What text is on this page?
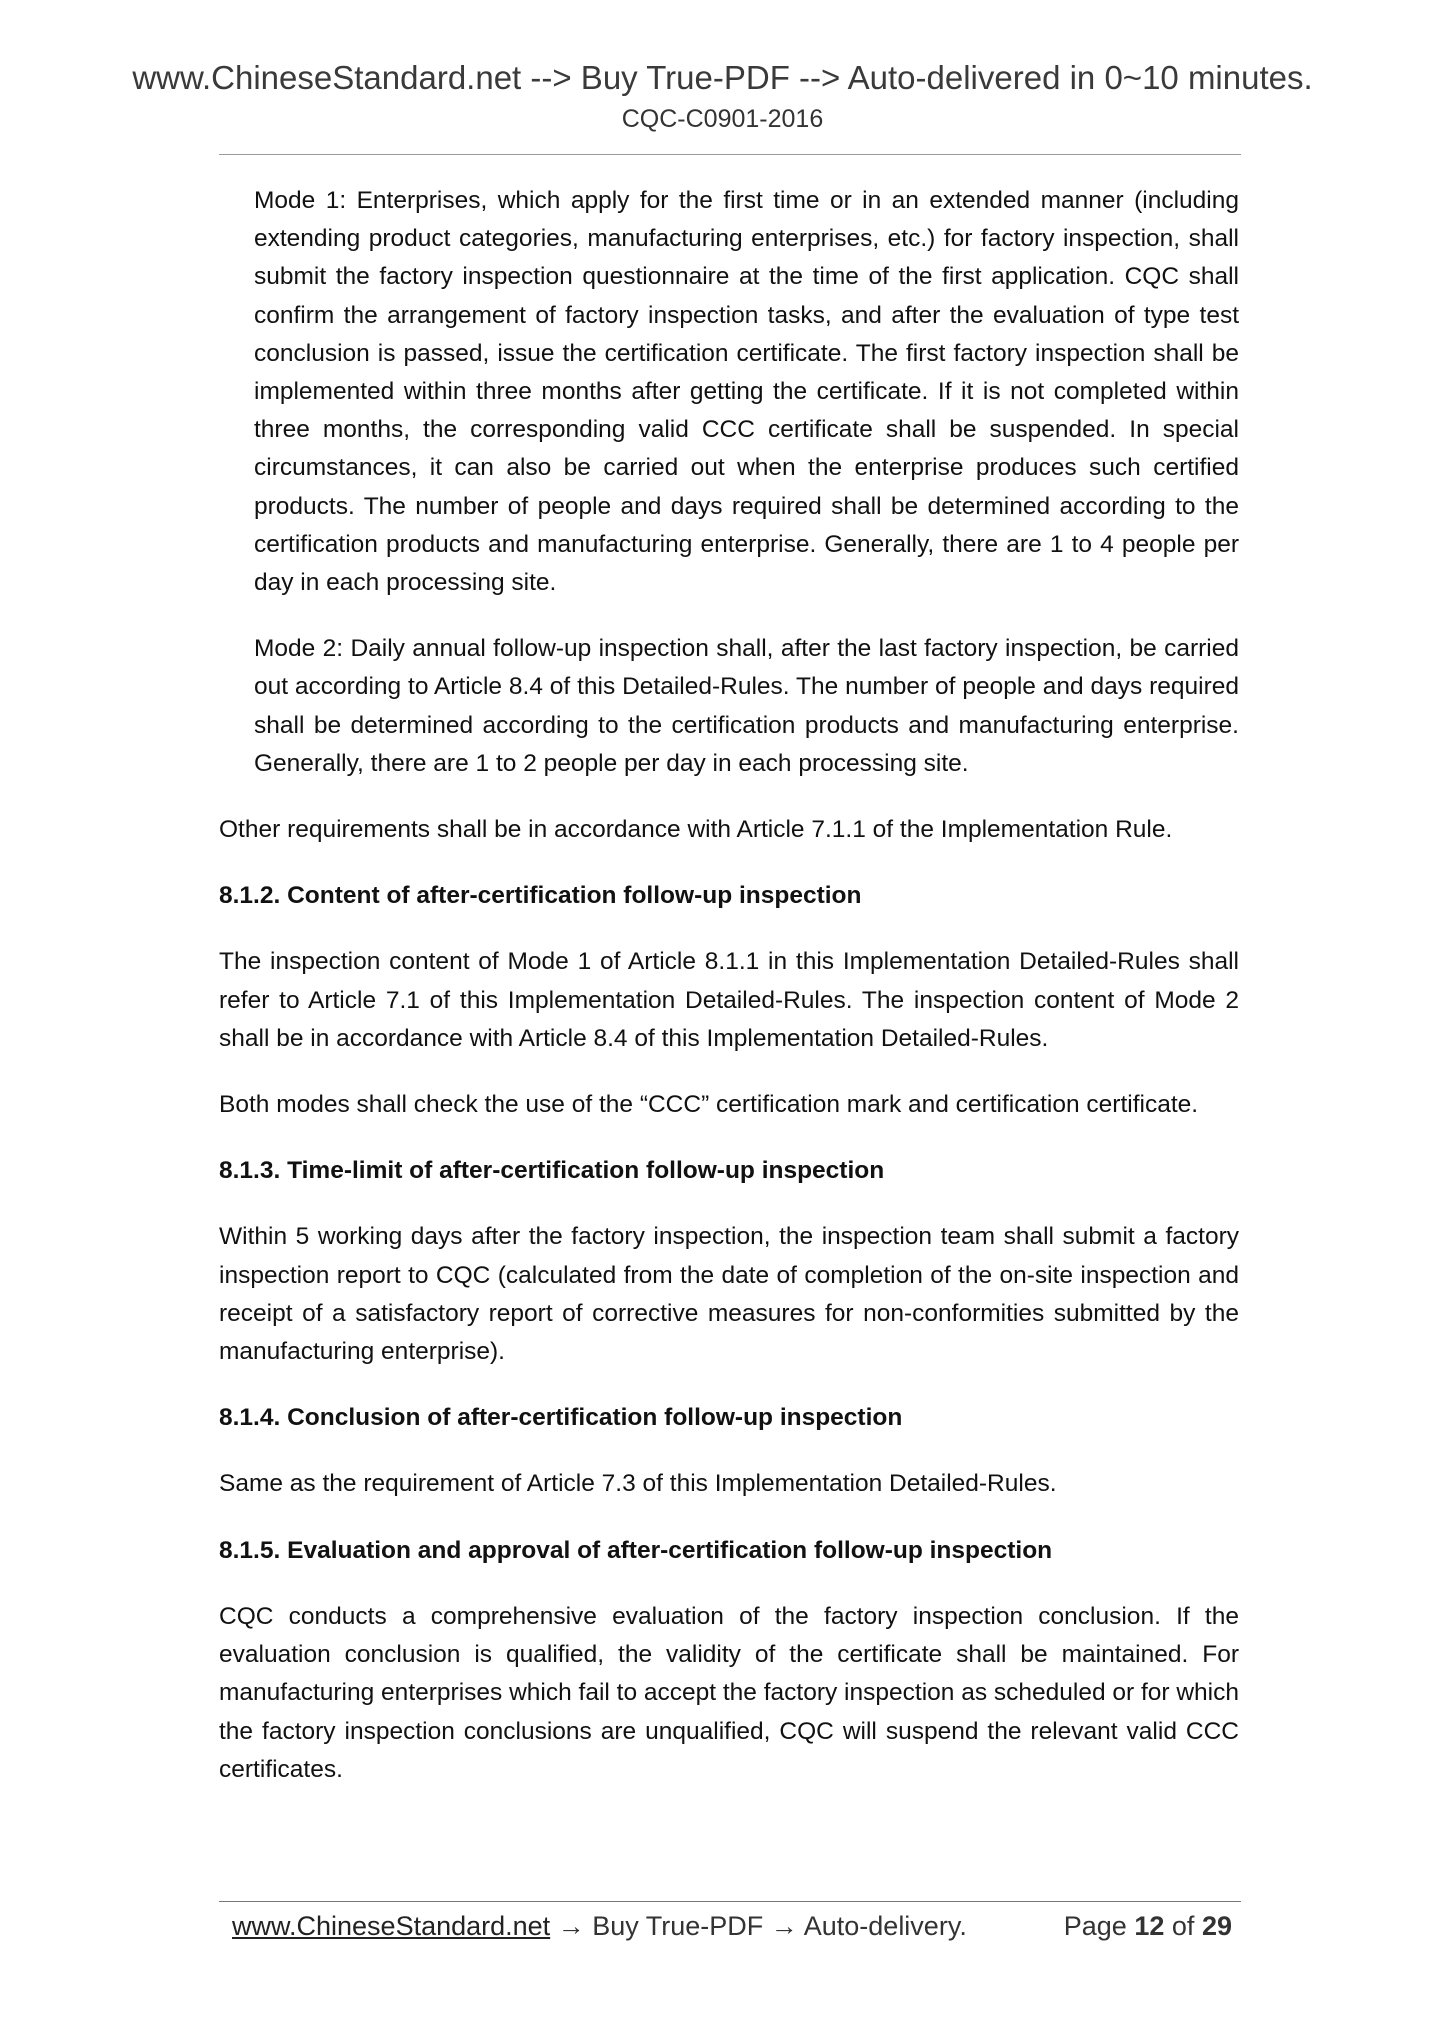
www.ChineseStandard.net --> Buy True-PDF --> Auto-delivered in 0~10 minutes.
CQC-C0901-2016

Mode 1: Enterprises, which apply for the first time or in an extended manner (including extending product categories, manufacturing enterprises, etc.) for factory inspection, shall submit the factory inspection questionnaire at the time of the first application. CQC shall confirm the arrangement of factory inspection tasks, and after the evaluation of type test conclusion is passed, issue the certification certificate. The first factory inspection shall be implemented within three months after getting the certificate. If it is not completed within three months, the corresponding valid CCC certificate shall be suspended. In special circumstances, it can also be carried out when the enterprise produces such certified products. The number of people and days required shall be determined according to the certification products and manufacturing enterprise. Generally, there are 1 to 4 people per day in each processing site.

Mode 2: Daily annual follow-up inspection shall, after the last factory inspection, be carried out according to Article 8.4 of this Detailed-Rules. The number of people and days required shall be determined according to the certification products and manufacturing enterprise. Generally, there are 1 to 2 people per day in each processing site.

Other requirements shall be in accordance with Article 7.1.1 of the Implementation Rule.

8.1.2. Content of after-certification follow-up inspection

The inspection content of Mode 1 of Article 8.1.1 in this Implementation Detailed-Rules shall refer to Article 7.1 of this Implementation Detailed-Rules. The inspection content of Mode 2 shall be in accordance with Article 8.4 of this Implementation Detailed-Rules.

Both modes shall check the use of the “CCC” certification mark and certification certificate.

8.1.3. Time-limit of after-certification follow-up inspection

Within 5 working days after the factory inspection, the inspection team shall submit a factory inspection report to CQC (calculated from the date of completion of the on-site inspection and receipt of a satisfactory report of corrective measures for non-conformities submitted by the manufacturing enterprise).

8.1.4. Conclusion of after-certification follow-up inspection

Same as the requirement of Article 7.3 of this Implementation Detailed-Rules.

8.1.5. Evaluation and approval of after-certification follow-up inspection

CQC conducts a comprehensive evaluation of the factory inspection conclusion. If the evaluation conclusion is qualified, the validity of the certificate shall be maintained. For manufacturing enterprises which fail to accept the factory inspection as scheduled or for which the factory inspection conclusions are unqualified, CQC will suspend the relevant valid CCC certificates.

www.ChineseStandard.net → Buy True-PDF → Auto-delivery.	Page 12 of 29
